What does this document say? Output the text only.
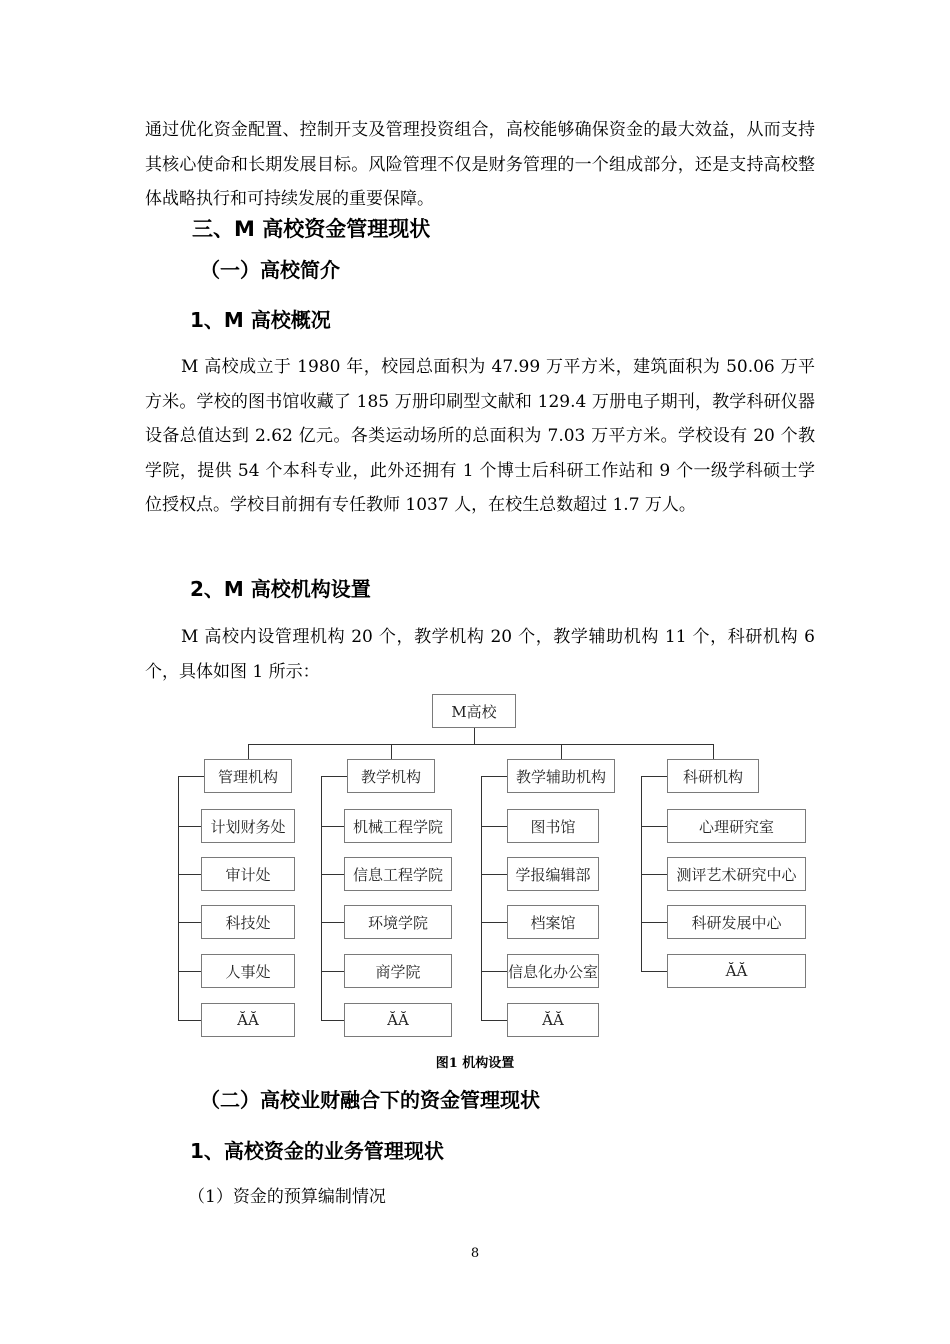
通过优化资金配置、控制开支及管理投资组合，高校能够确保资金的最大效益，从而支持其核心使命和长期发展目标。风险管理不仅是财务管理的一个组成部分，还是支持高校整体战略执行和可持续发展的重要保障。

三、M 高校资金管理现状
（一）高校简介
1、M 高校概况

M 高校成立于 1980 年，校园总面积为 47.99 万平方米，建筑面积为 50.06 万平方米。学校的图书馆收藏了 185 万册印刷型文献和 129.4 万册电子期刊，教学科研仪器设备总值达到 2.62 亿元。各类运动场所的总面积为 7.03 万平方米。学校设有 20 个教学院，提供 54 个本科专业，此外还拥有 1 个博士后科研工作站和 9 个一级学科硕士学位授权点。学校目前拥有专任教师 1037 人，在校生总数超过 1.7 万人。

2、M 高校机构设置

M 高校内设管理机构 20 个，教学机构 20 个，教学辅助机构 11 个，科研机构 6 个，具体如图 1 所示：

M高校
管理机构
计划财务处
审计处
科技处
人事处
ĂĂ
教学机构
机械工程学院
信息工程学院
环境学院
商学院
ĂĂ
教学辅助机构
图书馆
学报编辑部
档案馆
信息化办公室
ĂĂ
科研机构
心理研究室
测评艺术研究中心
科研发展中心
ĂĂ
图1 机构设置
（二）高校业财融合下的资金管理现状
1、高校资金的业务管理现状

（1）资金的预算编制情况

8
